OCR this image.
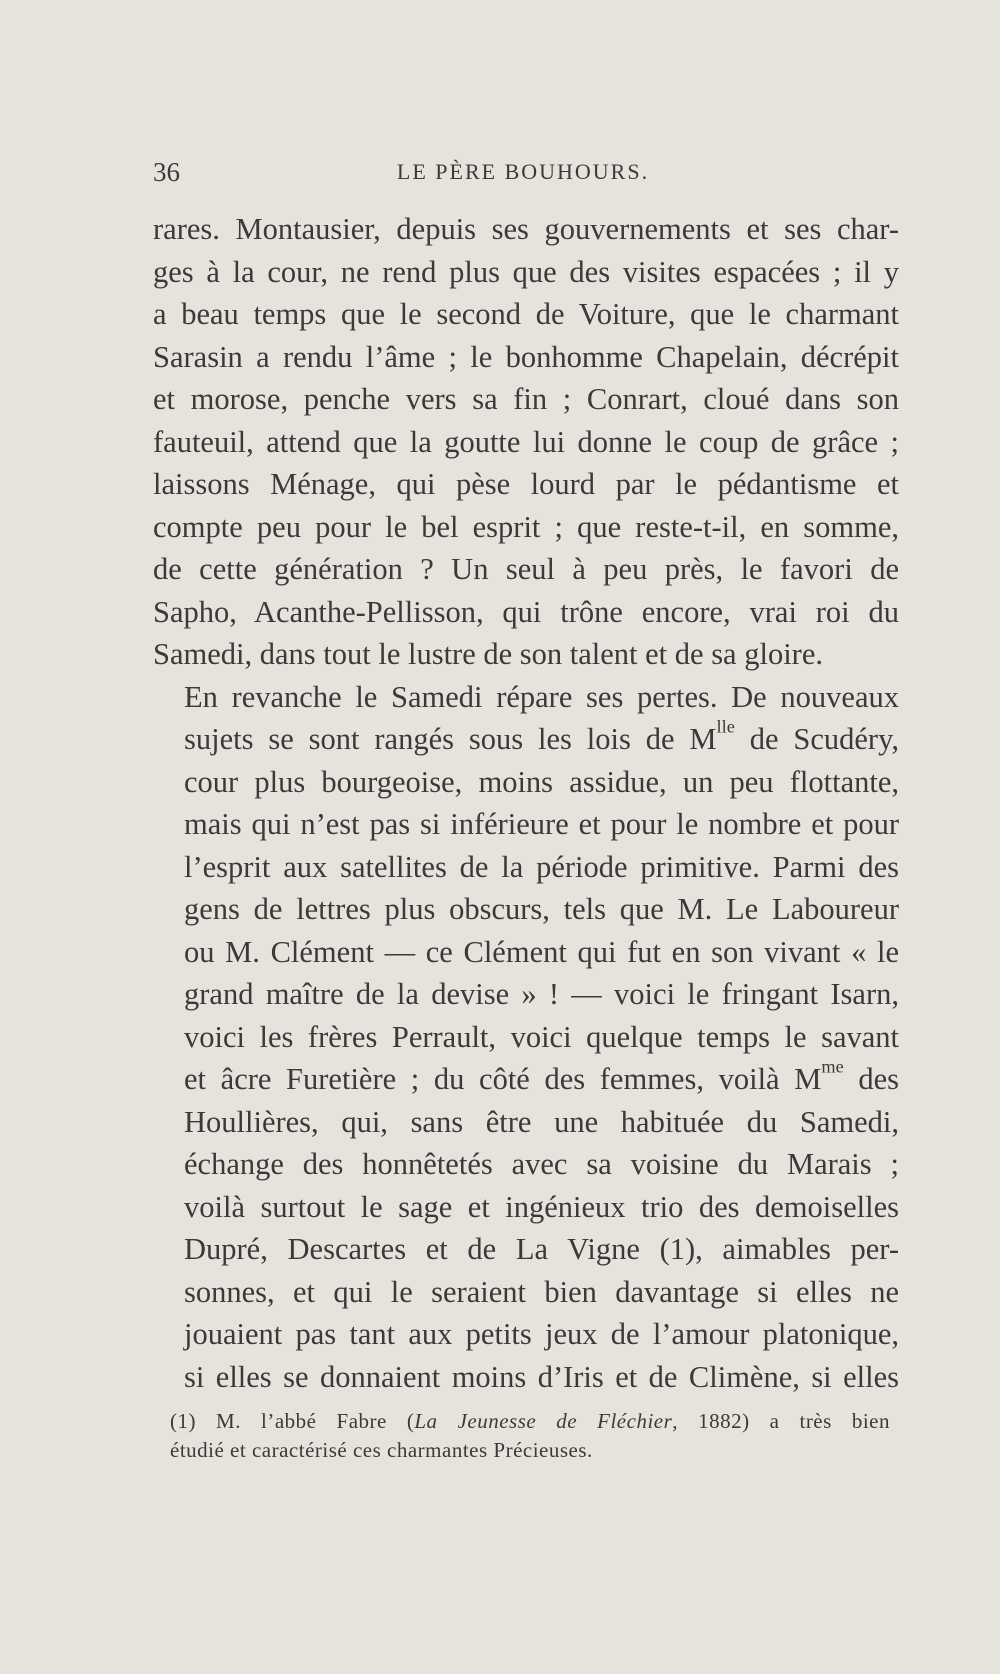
36	LE PÈRE BOUHOURS.

rares. Montausier, depuis ses gouvernements et ses char-
ges à la cour, ne rend plus que des visites espacées ; il y
a beau temps que le second de Voiture, que le charmant
Sarasin a rendu l’âme ; le bonhomme Chapelain, décrépit
et morose, penche vers sa fin ; Conrart, cloué dans son
fauteuil, attend que la goutte lui donne le coup de grâce ;
laissons Ménage, qui pèse lourd par le pédantisme et
compte peu pour le bel esprit ; que reste-t-il, en somme,
de cette génération ? Un seul à peu près, le favori de
Sapho, Acanthe-Pellisson, qui trône encore, vrai roi du
Samedi, dans tout le lustre de son talent et de sa gloire.

En revanche le Samedi répare ses pertes. De nouveaux
sujets se sont rangés sous les lois de $M^{lle}$ de Scudéry,
cour plus bourgeoise, moins assidue, un peu flottante,
mais qui n’est pas si inférieure et pour le nombre et pour
l’esprit aux satellites de la période primitive. Parmi des
gens de lettres plus obscurs, tels que M. Le Laboureur
ou M. Clément — ce Clément qui fut en son vivant « le
grand maître de la devise » ! — voici le fringant Isarn,
voici les frères Perrault, voici quelque temps le savant
et âcre Furetière ; du côté des femmes, voilà $M^{me}$ des
Houllières, qui, sans être une habituée du Samedi,
échange des honnêtetés avec sa voisine du Marais ;
voilà surtout le sage et ingénieux trio des demoiselles
Dupré, Descartes et de La Vigne (1), aimables per-
sonnes, et qui le seraient bien davantage si elles ne
jouaient pas tant aux petits jeux de l’amour platonique,
si elles se donnaient moins d’Iris et de Climène, si elles

(1) M. l’abbé Fabre (La Jeunesse de Fléchier, 1882) a très bien
étudié et caractérisé ces charmantes Précieuses.
